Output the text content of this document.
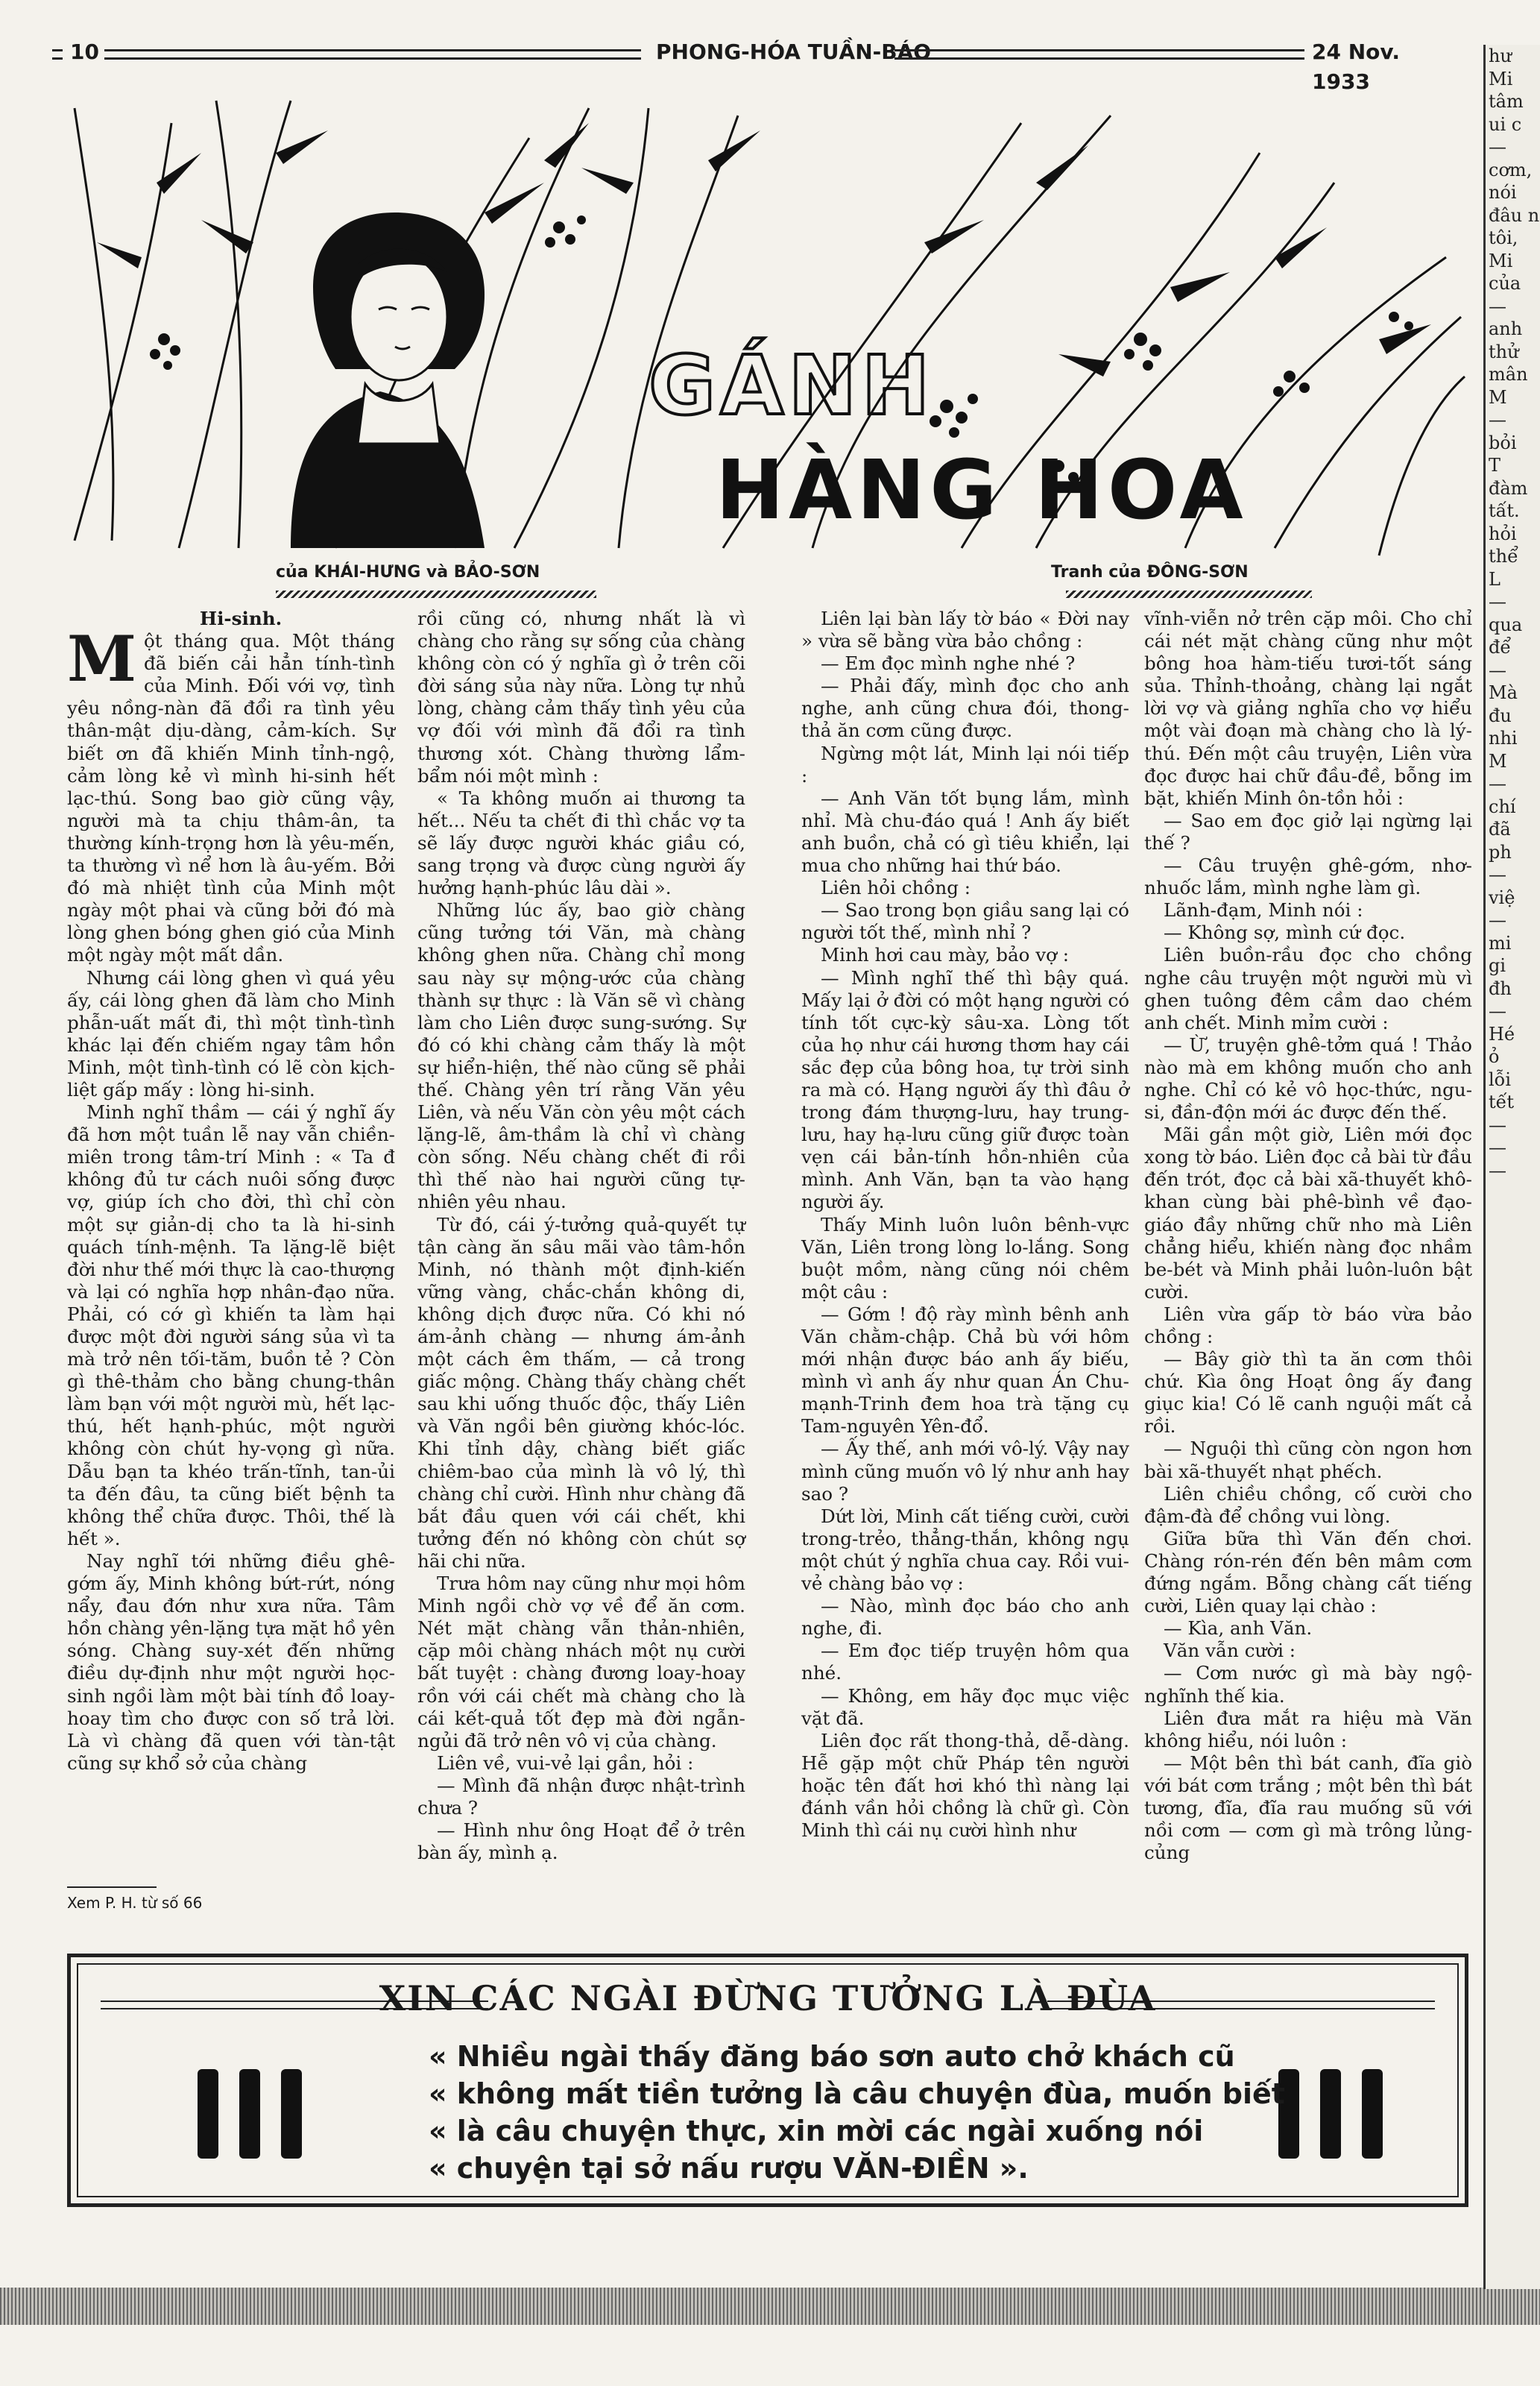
10	PHONG-HÓA TUẦN-BÁO	24 Nov. 1933
GÁNH
HÀNG HOA
của KHÁI-HƯNG và BẢO-SƠN	Tranh của ĐÔNG-SƠN

Hi-sinh.

Một tháng qua. Một tháng đã biến cải hẳn tính-tình của Minh. Đối với vợ, tình yêu nồng-nàn đã đổi ra tình yêu thân-mật dịu-dàng, cảm-kích. Sự biết ơn đã khiến Minh tỉnh-ngộ, cảm lòng kẻ vì mình hi-sinh hết lạc-thú. Song bao giờ cũng vậy, người mà ta chịu thâm-ân, ta thường kính-trọng hơn là yêu-mến, ta thường vì nể hơn là âu-yếm. Bởi đó mà nhiệt tình của Minh một ngày một phai và cũng bởi đó mà lòng ghen bóng ghen gió của Minh một ngày một mất dần.

Nhưng cái lòng ghen vì quá yêu ấy, cái lòng ghen đã làm cho Minh phẫn-uất mất đi, thì một tình-tình khác lại đến chiếm ngay tâm hồn Minh, một tình-tình có lẽ còn kịch-liệt gấp mấy : lòng hi-sinh.

Minh nghĩ thầm — cái ý nghĩ ấy đã hơn một tuần lễ nay vẫn chiền-miên trong tâm-trí Minh : « Ta đ không đủ tư cách nuôi sống được vợ, giúp ích cho đời, thì chỉ còn một sự giản-dị cho ta là hi-sinh quách tính-mệnh. Ta lặng-lẽ biệt đời như thế mới thực là cao-thượng và lại có nghĩa hợp nhân-đạo nữa. Phải, có cớ gì khiến ta làm hại được một đời người sáng sủa vì ta mà trở nên tối-tăm, buồn tẻ ? Còn gì thê-thảm cho bằng chung-thân làm bạn với một người mù, hết lạc-thú, hết hạnh-phúc, một người không còn chút hy-vọng gì nữa. Dẫu bạn ta khéo trấn-tĩnh, tan-ủi ta đến đâu, ta cũng biết bệnh ta không thể chữa được. Thôi, thế là hết ».

Nay nghĩ tới những điều ghê-gớm ấy, Minh không bứt-rứt, nóng nẩy, đau đớn như xưa nữa. Tâm hồn chàng yên-lặng tựa mặt hồ yên sóng. Chàng suy-xét đến những điều dự-định như một người học-sinh ngồi làm một bài tính đồ loay-hoay tìm cho được con số trả lời. Là vì chàng đã quen với tàn-tật cũng sự khổ sở của chàng

rồi cũng có, nhưng nhất là vì chàng cho rằng sự sống của chàng không còn có ý nghĩa gì ở trên cõi đời sáng sủa này nữa. Lòng tự nhủ lòng, chàng cảm thấy tình yêu của vợ đối với mình đã đổi ra tình thương xót. Chàng thường lẩm-bẩm nói một mình :

« Ta không muốn ai thương ta hết... Nếu ta chết đi thì chắc vợ ta sẽ lấy được người khác giầu có, sang trọng và được cùng người ấy hưởng hạnh-phúc lâu dài ».

Những lúc ấy, bao giờ chàng cũng tưởng tới Văn, mà chàng không ghen nữa. Chàng chỉ mong sau này sự mộng-ước của chàng thành sự thực : là Văn sẽ vì chàng làm cho Liên được sung-sướng. Sự đó có khi chàng cảm thấy là một sự hiển-hiện, thế nào cũng sẽ phải thế. Chàng yên trí rằng Văn yêu Liên, và nếu Văn còn yêu một cách lặng-lẽ, âm-thầm là chỉ vì chàng còn sống. Nếu chàng chết đi rồi thì thế nào hai người cũng tự-nhiên yêu nhau.

Từ đó, cái ý-tưởng quả-quyết tự tận càng ăn sâu mãi vào tâm-hồn Minh, nó thành một định-kiến vững vàng, chắc-chắn không di, không dịch được nữa. Có khi nó ám-ảnh chàng — nhưng ám-ảnh một cách êm thấm, — cả trong giấc mộng. Chàng thấy chàng chết sau khi uống thuốc độc, thấy Liên và Văn ngồi bên giường khóc-lóc. Khi tỉnh dậy, chàng biết giấc chiêm-bao của mình là vô lý, thì chàng chỉ cười. Hình như chàng đã bắt đầu quen với cái chết, khi tưởng đến nó không còn chút sợ hãi chi nữa.

Trưa hôm nay cũng như mọi hôm Minh ngồi chờ vợ về để ăn cơm. Nét mặt chàng vẫn thản-nhiên, cặp môi chàng nhách một nụ cười bất tuyệt : chàng đương loay-hoay rồn với cái chết mà chàng cho là cái kết-quả tốt đẹp mà đời ngẫn-ngủi đã trở nên vô vị của chàng.

Liên về, vui-vẻ lại gần, hỏi :

— Mình đã nhận được nhật-trình chưa ?

— Hình như ông Hoạt để ở trên bàn ấy, mình ạ.

Liên lại bàn lấy tờ báo « Đời nay » vừa sẽ bằng vừa bảo chồng :

— Em đọc mình nghe nhé ?

— Phải đấy, mình đọc cho anh nghe, anh cũng chưa đói, thong-thả ăn cơm cũng được.

Ngừng một lát, Minh lại nói tiếp :

— Anh Văn tốt bụng lắm, mình nhỉ. Mà chu-đáo quá ! Anh ấy biết anh buồn, chả có gì tiêu khiển, lại mua cho những hai thứ báo.

Liên hỏi chồng :

— Sao trong bọn giầu sang lại có người tốt thế, mình nhỉ ?

Minh hơi cau mày, bảo vợ :

— Mình nghĩ thế thì bậy quá. Mấy lại ở đời có một hạng người có tính tốt cực-kỳ sâu-xa. Lòng tốt của họ như cái hương thơm hay cái sắc đẹp của bông hoa, tự trời sinh ra mà có. Hạng người ấy thì đâu ở trong đám thượng-lưu, hay trung-lưu, hay hạ-lưu cũng giữ được toàn vẹn cái bản-tính hồn-nhiên của mình. Anh Văn, bạn ta vào hạng người ấy.

Thấy Minh luôn luôn bênh-vực Văn, Liên trong lòng lo-lắng. Song buột mồm, nàng cũng nói chêm một câu :

— Gớm ! độ rày mình bênh anh Văn chằm-chập. Chả bù với hôm mới nhận được báo anh ấy biếu, mình vì anh ấy như quan Án Chu-mạnh-Trinh đem hoa trà tặng cụ Tam-nguyên Yên-đổ.

— Ấy thế, anh mới vô-lý. Vậy nay mình cũng muốn vô lý như anh hay sao ?

Dứt lời, Minh cất tiếng cười, cười trong-trẻo, thẳng-thắn, không ngụ một chút ý nghĩa chua cay. Rồi vui-vẻ chàng bảo vợ :

— Nào, mình đọc báo cho anh nghe, đi.

— Em đọc tiếp truyện hôm qua nhé.

— Không, em hãy đọc mục việc vặt đã.

Liên đọc rất thong-thả, dễ-dàng. Hễ gặp một chữ Pháp tên người hoặc tên đất hơi khó thì nàng lại đánh vần hỏi chồng là chữ gì. Còn Minh thì cái nụ cười hình như

vĩnh-viễn nở trên cặp môi. Cho chỉ cái nét mặt chàng cũng như một bông hoa hàm-tiếu tươi-tốt sáng sủa. Thỉnh-thoảng, chàng lại ngắt lời vợ và giảng nghĩa cho vợ hiểu một vài đoạn mà chàng cho là lý-thú. Đến một câu truyện, Liên vừa đọc được hai chữ đầu-đề, bỗng im bặt, khiến Minh ôn-tồn hỏi :

— Sao em đọc giở lại ngừng lại thế ?

— Câu truyện ghê-gớm, nhơ-nhuốc lắm, mình nghe làm gì.

Lãnh-đạm, Minh nói :

— Không sợ, mình cứ đọc.

Liên buồn-rầu đọc cho chồng nghe câu truyện một người mù vì ghen tuông đêm cầm dao chém anh chết. Minh mỉm cười :

— Ừ, truyện ghê-tởm quá ! Thảo nào mà em không muốn cho anh nghe. Chỉ có kẻ vô học-thức, ngu-si, đần-độn mới ác được đến thế.

Mãi gần một giờ, Liên mới đọc xong tờ báo. Liên đọc cả bài từ đầu đến trót, đọc cả bài xã-thuyết khô-khan cùng bài phê-bình về đạo-giáo đầy những chữ nho mà Liên chẳng hiểu, khiến nàng đọc nhầm be-bét và Minh phải luôn-luôn bật cười.

Liên vừa gấp tờ báo vừa bảo chồng :

— Bây giờ thì ta ăn cơm thôi chứ. Kìa ông Hoạt ông ấy đang giục kia! Có lẽ canh nguội mất cả rồi.

— Nguội thì cũng còn ngon hơn bài xã-thuyết nhạt phếch.

Liên chiều chồng, cố cười cho đậm-đà để chồng vui lòng.

Giữa bữa thì Văn đến chơi. Chàng rón-rén đến bên mâm cơm đứng ngắm. Bỗng chàng cất tiếng cười, Liên quay lại chào :

— Kìa, anh Văn.

Văn vẫn cười :

— Cơm nước gì mà bày ngộ-nghĩnh thế kia.

Liên đưa mắt ra hiệu mà Văn không hiểu, nói luôn :

— Một bên thì bát canh, đĩa giò với bát cơm trắng ; một bên thì bát tương, đĩa, đĩa rau muống sũ với nồi cơm — cơm gì mà trông lủng-củng

Xem P. H. từ số 66
XIN CÁC NGÀI ĐỪNG TƯỞNG LÀ ĐÙA
« Nhiều ngài thấy đăng báo sơn auto chở khách cũ
« không mất tiền tưởng là câu chuyện đùa, muốn biết
« là câu chuyện thực, xin mời các ngài xuống nói
« chuyện tại sở nấu rượu VĂN-ĐIỀN ».
hư
Mi
tâm
ui c
—
cơm,
nói
đâu n
tôi,
Mi
của
—
anh
thử
mân
M
—
bỏi
T
đàm
tất.
hỏi
thể
L
—
qua
để
—
Mà
đu
nhi
M
—
chí
đã
ph
—
việ
—
mi
gi
đh
—
Hé
ỏ
lỗi
tết
—
—
—
